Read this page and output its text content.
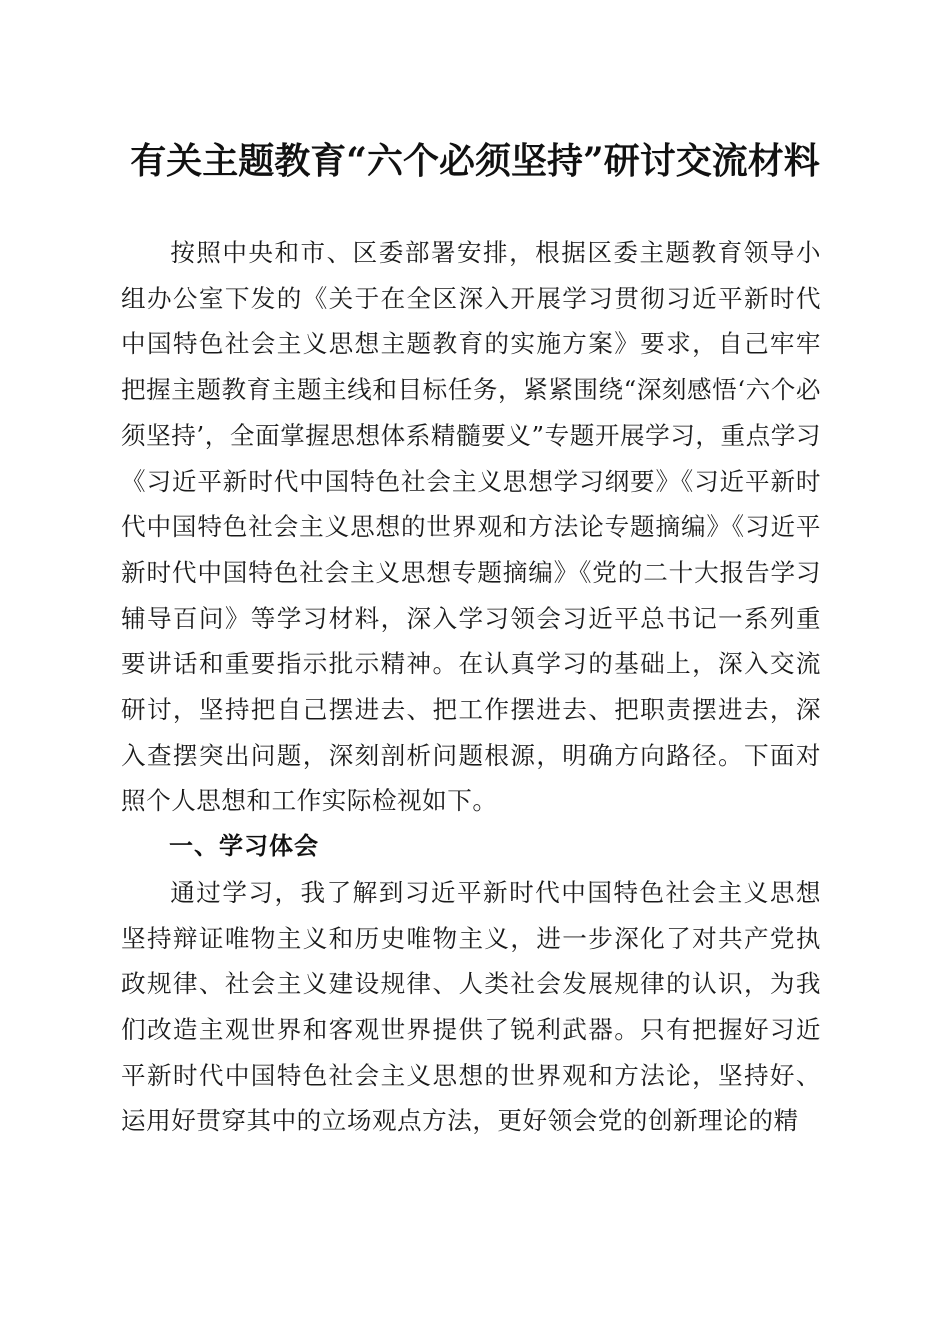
有关主题教育“六个必须坚持”研讨交流材料

按照中央和市、区委部署安排，根据区委主题教育领导小组办公室下发的《关于在全区深入开展学习贯彻习近平新时代中国特色社会主义思想主题教育的实施方案》要求，自己牢牢把握主题教育主题主线和目标任务，紧紧围绕“深刻感悟‘六个必须坚持’，全面掌握思想体系精髓要义”专题开展学习，重点学习《习近平新时代中国特色社会主义思想学习纲要》《习近平新时代中国特色社会主义思想的世界观和方法论专题摘编》《习近平新时代中国特色社会主义思想专题摘编》《党的二十大报告学习辅导百问》等学习材料，深入学习领会习近平总书记一系列重要讲话和重要指示批示精神。在认真学习的基础上，深入交流研讨，坚持把自己摆进去、把工作摆进去、把职责摆进去，深入查摆突出问题，深刻剖析问题根源，明确方向路径。下面对照个人思想和工作实际检视如下。

一、学习体会

通过学习，我了解到习近平新时代中国特色社会主义思想坚持辩证唯物主义和历史唯物主义，进一步深化了对共产党执政规律、社会主义建设规律、人类社会发展规律的认识，为我们改造主观世界和客观世界提供了锐利武器。只有把握好习近平新时代中国特色社会主义思想的世界观和方法论，坚持好、运用好贯穿其中的立场观点方法，更好领会党的创新理论的精
